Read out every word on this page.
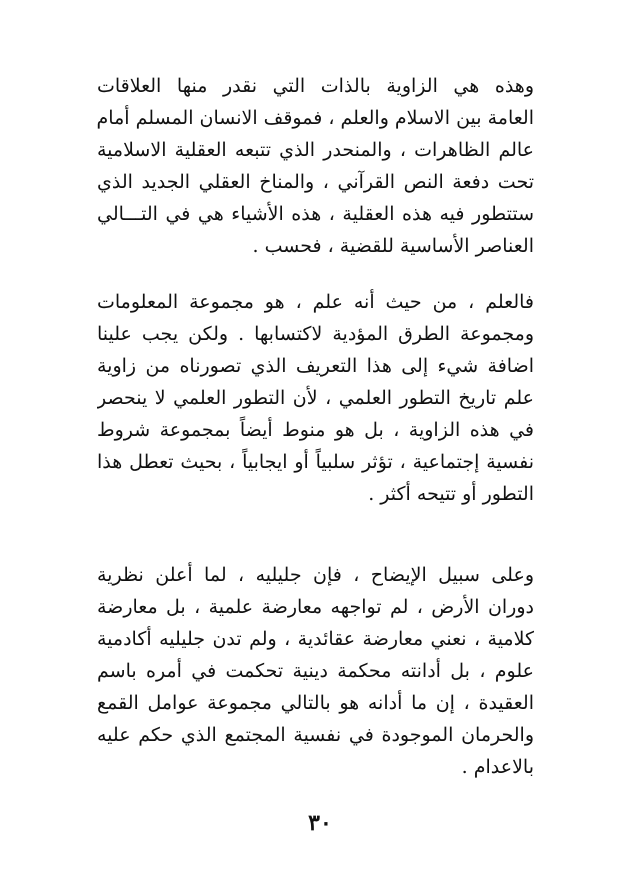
وهذه هي الزاوية بالذات التي نقدر منها العلاقات
العامة بين الاسلام والعلم ، فموقف الانسان المسلم أمام
عالم الظاهرات ، والمنحدر الذي تتبعه العقلية الاسلامية
تحت دفعة النص القرآني ، والمناخ العقلي الجديد الذي
ستتطور فيه هذه العقلية ، هذه الأشياء هي في التـــالي
العناصر الأساسية للقضية ، فحسب .
فالعلم ، من حيث أنه علم ، هو مجموعة المعلومات
ومجموعة الطرق المؤدية لاكتسابها . ولكن يجب علينا
اضافة شيء إلى هذا التعريف الذي تصورناه من زاوية
علم تاريخ التطور العلمي ، لأن التطور العلمي لا ينحصر
في هذه الزاوية ، بل هو منوط أيضاً بمجموعة شروط
نفسية إجتماعية ، تؤثر سلبياً أو ايجابياً ، بحيث تعطل هذا
التطور أو تتيحه أكثر .
وعلى سبيل الإيضاح ، فإن جليليه ، لما أعلن نظرية
دوران الأرض ، لم تواجهه معارضة علمية ، بل معارضة
كلامية ، نعني معارضة عقائدية ، ولم تدن جليليه أكادمية
علوم ، بل أدانته محكمة دينية تحكمت في أمره باسم
العقيدة ، إن ما أدانه هو بالتالي مجموعة عوامل القمع
والحرمان الموجودة في نفسية المجتمع الذي حكم عليه
بالاعدام .
٣٠
